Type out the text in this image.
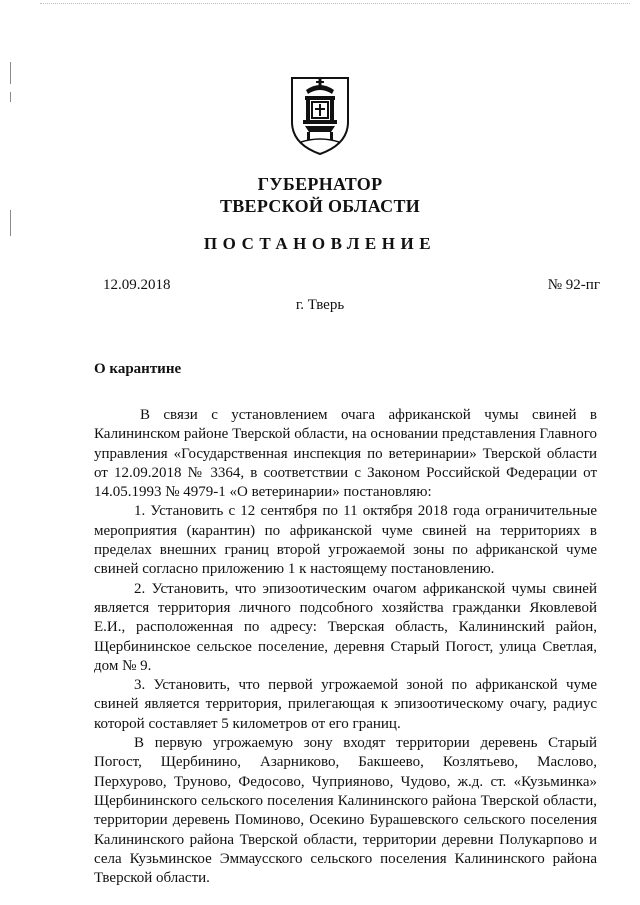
ГУБЕРНАТОР
ТВЕРСКОЙ ОБЛАСТИ
ПОСТАНОВЛЕНИЕ
12.09.2018	№ 92-пг
г. Тверь
О карантине

В связи с установлением очага африканской чумы свиней в Калининском районе Тверской области, на основании представления Главного управления «Государственная инспекция по ветеринарии» Тверской области от 12.09.2018 № 3364, в соответствии с Законом Российской Федерации от 14.05.1993 № 4979-1 «О ветеринарии» постановляю:

1. Установить с 12 сентября по 11 октября 2018 года ограничительные мероприятия (карантин) по африканской чуме свиней на территориях в пределах внешних границ второй угрожаемой зоны по африканской чуме свиней согласно приложению 1 к настоящему постановлению.

2. Установить, что эпизоотическим очагом африканской чумы свиней является территория личного подсобного хозяйства гражданки Яковлевой Е.И., расположенная по адресу: Тверская область, Калининский район, Щербининское сельское поселение, деревня Старый Погост, улица Светлая, дом № 9.

3. Установить, что первой угрожаемой зоной по африканской чуме свиней является территория, прилегающая к эпизоотическому очагу, радиус которой составляет 5 километров от его границ.

В первую угрожаемую зону входят территории деревень Старый Погост, Щербинино, Азарниково, Бакшеево, Козлятьево, Маслово, Перхурово, Труново, Федосово, Чуприяново, Чудово, ж.д. ст. «Кузьминка» Щербининского сельского поселения Калининского района Тверской области, территории деревень Поминово, Осекино Бурашевского сельского поселения Калининского района Тверской области, территории деревни Полукарпово и села Кузьминское Эммаусского сельского поселения Калининского района Тверской области.
